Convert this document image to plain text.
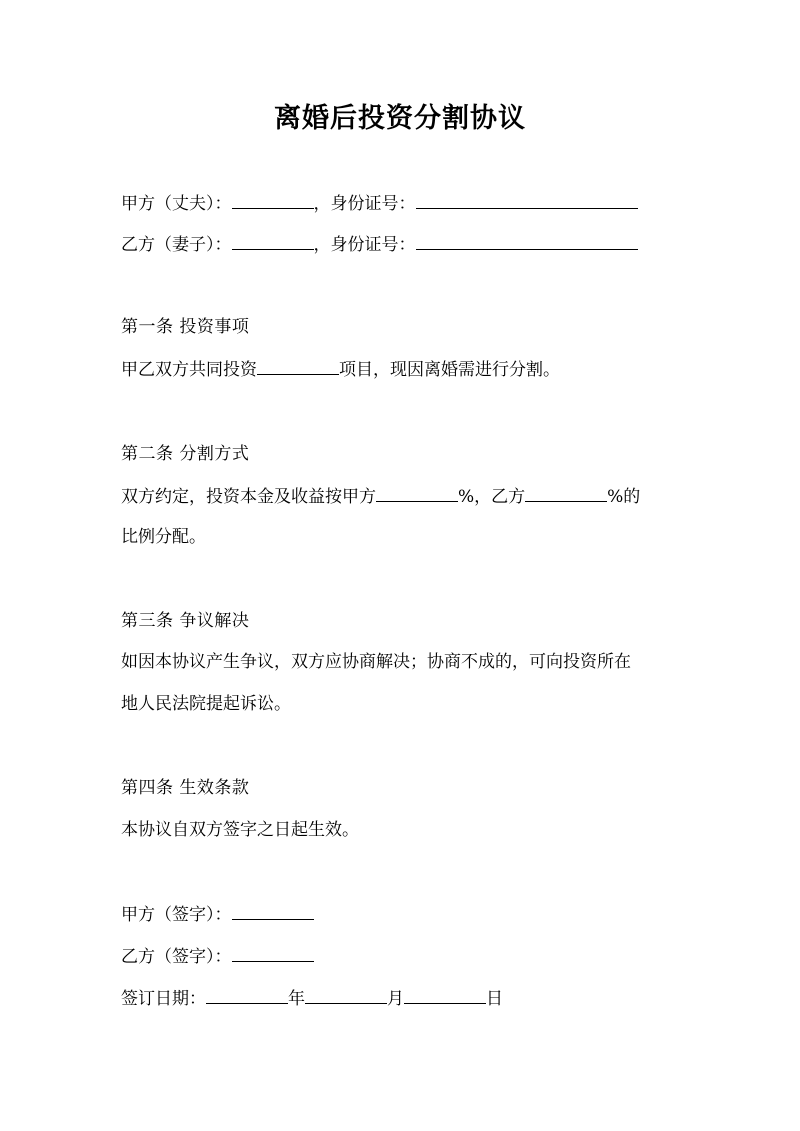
离婚后投资分割协议
甲方（丈夫）：	，身份证号：
乙方（妻子）：	，身份证号：
第一条 投资事项
甲乙双方共同投资	项目，现因离婚需进行分割。
第二条 分割方式
双方约定，投资本金及收益按甲方	%，乙方	%的
比例分配。
第三条 争议解决
如因本协议产生争议，双方应协商解决；协商不成的，可向投资所在
地人民法院提起诉讼。
第四条 生效条款
本协议自双方签字之日起生效。
甲方（签字）：
乙方（签字）：
签订日期：	年	月	日
